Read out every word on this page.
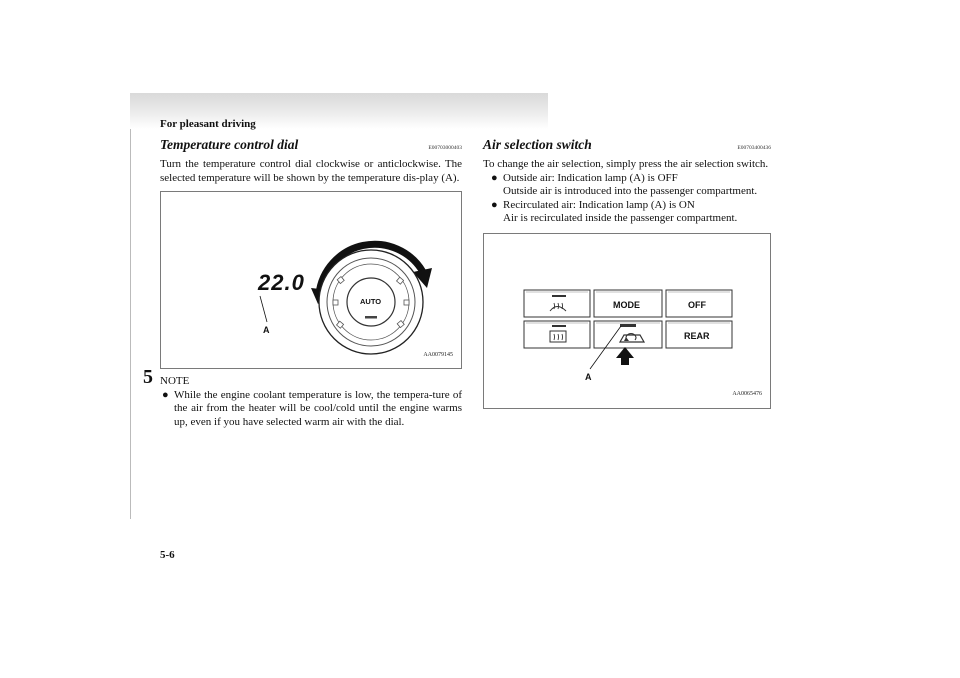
For pleasant driving
5
Temperature control dial	E00703000403

Turn the temperature control dial clockwise or anticlockwise. The selected temperature will be shown by the temperature dis-play (A).

22.0
A
AUTO
AA0079145
NOTE
● While the engine coolant temperature is low, the tempera-ture of the air from the heater will be cool/cold until the engine warms up, even if you have selected warm air with the dial.
Air selection switch	E00703400436

To change the air selection, simply press the air selection switch.

● Outside air: Indication lamp (A) is OFF
Outside air is introduced into the passenger compartment.
● Recirculated air: Indication lamp (A) is ON
Air is recirculated inside the passenger compartment.
MODE	OFF
REAR
A
AA0065476
5-6
